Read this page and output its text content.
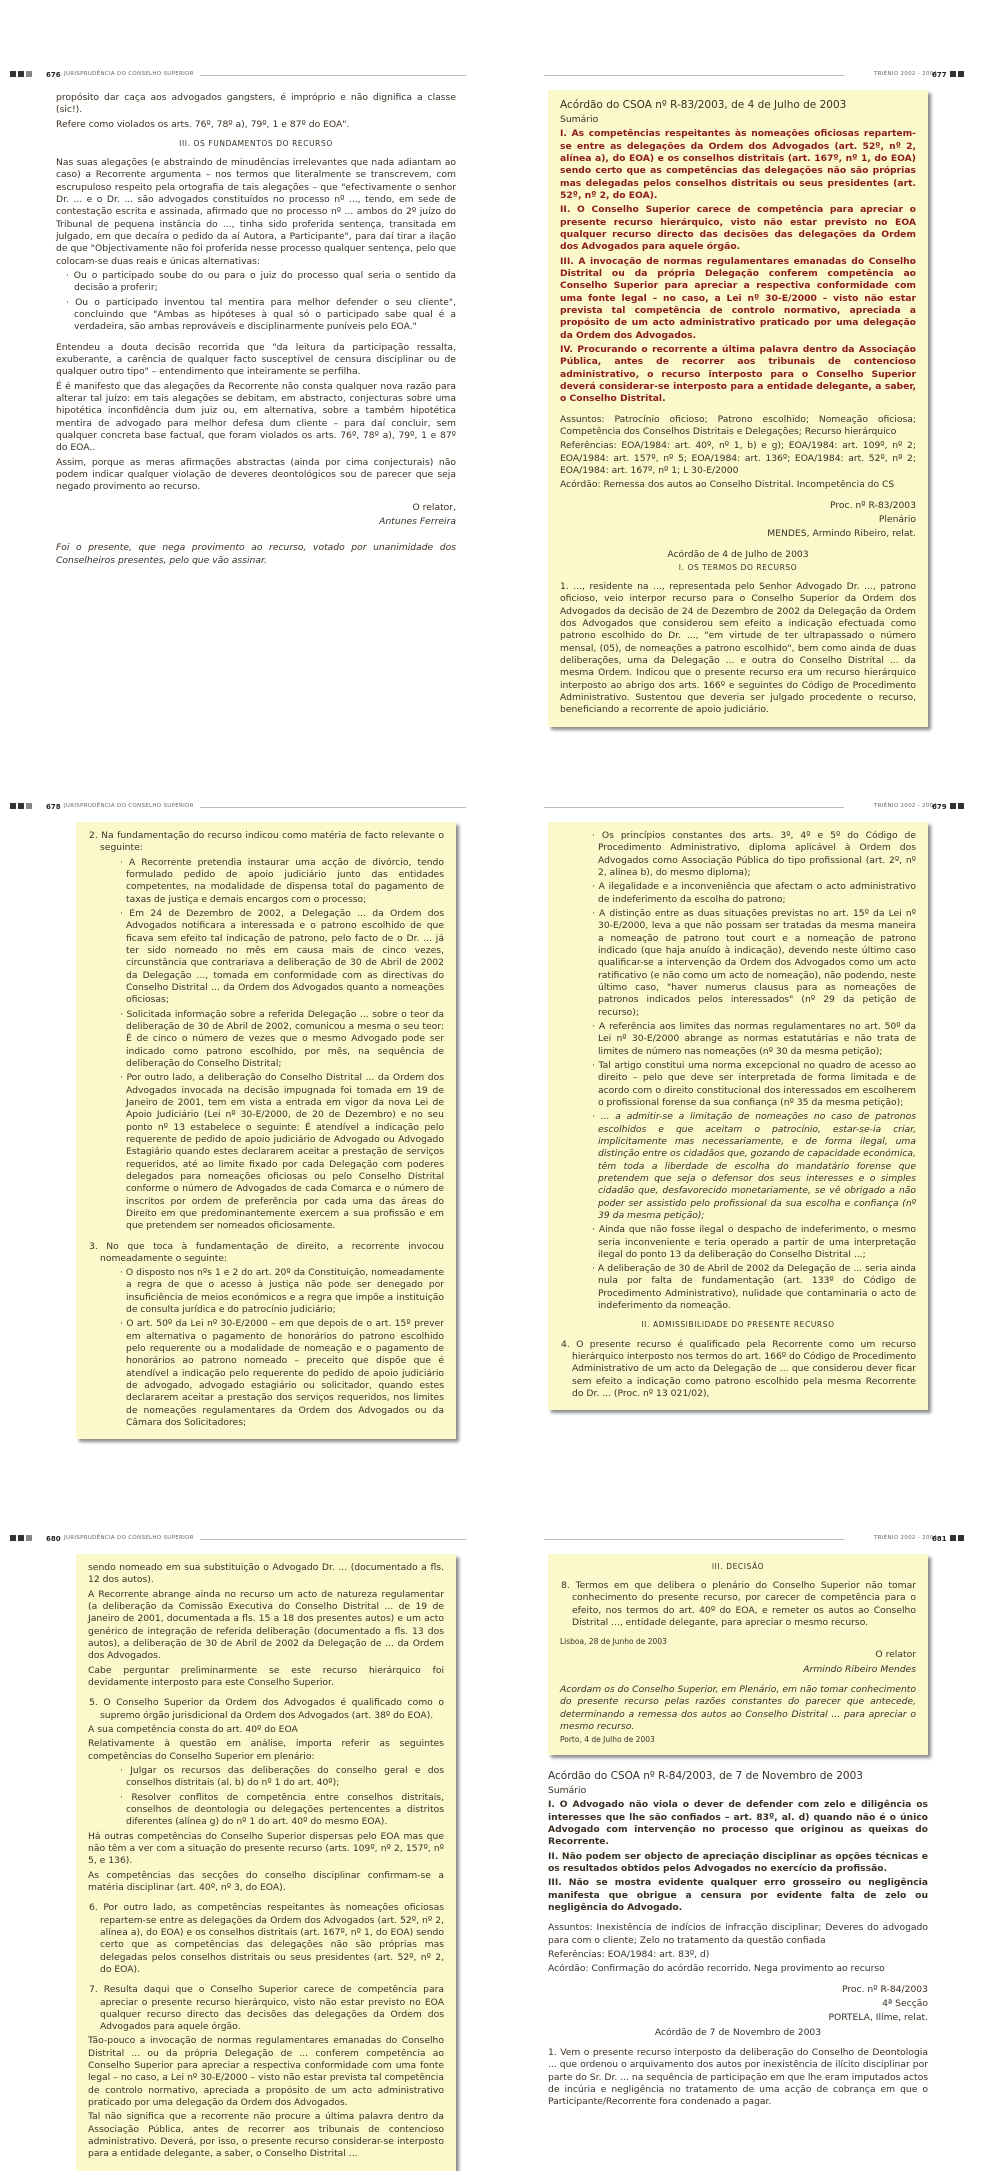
676 JURISPRUDÊNCIA DO CONSELHO SUPERIOR

propósito dar caça aos advogados gangsters, é impróprio e não dignifica a classe (sic!).

Refere como violados os arts. 76º, 78º a), 79º, 1 e 87º do EOA".

III. OS FUNDAMENTOS DO RECURSO

Nas suas alegações (e abstraindo de minudências irrelevantes que nada adiantam ao caso) a Recorrente argumenta – nos termos que literalmente se transcrevem, com escrupuloso respeito pela ortografia de tais alegações – que "efectivamente o senhor Dr. ... e o Dr. ... são advogados constituídos no processo nº ..., tendo, em sede de contestação escrita e assinada, afirmado que no processo nº ... ambos do 2º juízo do Tribunal de pequena instância do ..., tinha sido proferida sentença, transitada em julgado, em que decaíra o pedido da aí Autora, a Participante", para daí tirar a ilação de que "Objectivamente não foi proferida nesse processo qualquer sentença, pelo que colocam-se duas reais e únicas alternativas:

· Ou o participado soube do ou para o juiz do processo qual seria o sentido da decisão a proferir;

· Ou o participado inventou tal mentira para melhor defender o seu cliente", concluindo que "Ambas as hipóteses à qual só o participado sabe qual é a verdadeira, são ambas reprováveis e disciplinarmente puníveis pelo EOA."

Entendeu a douta decisão recorrida que "da leitura da participação ressalta, exuberante, a carência de qualquer facto susceptível de censura disciplinar ou de qualquer outro tipo" – entendimento que inteiramente se perfilha.

É é manifesto que das alegações da Recorrente não consta qualquer nova razão para alterar tal juízo: em tais alegações se debitam, em abstracto, conjecturas sobre uma hipotética inconfidência dum juiz ou, em alternativa, sobre a também hipotética mentira de advogado para melhor defesa dum cliente – para daí concluir, sem qualquer concreta base factual, que foram violados os arts. 76º, 78º a), 79º, 1 e 87º do EOA..

Assim, porque as meras afirmações abstractas (ainda por cima conjecturais) não podem indicar qualquer violação de deveres deontológicos sou de parecer que seja negado provimento ao recurso.

O relator,

Antunes Ferreira

Foi o presente, que nega provimento ao recurso, votado por unanimidade dos Conselheiros presentes, pelo que vão assinar.

TRIÉNIO 2002 - 2004
677

Acórdão do CSOA nº R-83/2003, de 4 de Julho de 2003

Sumário

I. As competências respeitantes às nomeações oficiosas repartem-se entre as delegações da Ordem dos Advogados (art. 52º, nº 2, alínea a), do EOA) e os conselhos distritais (art. 167º, nº 1, do EOA) sendo certo que as competências das delegações não são próprias mas delegadas pelos conselhos distritais ou seus presidentes (art. 52º, nº 2, do EOA).

II. O Conselho Superior carece de competência para apreciar o presente recurso hierárquico, visto não estar previsto no EOA qualquer recurso directo das decisões das delegações da Ordem dos Advogados para aquele órgão.

III. A invocação de normas regulamentares emanadas do Conselho Distrital ou da própria Delegação conferem competência ao Conselho Superior para apreciar a respectiva conformidade com uma fonte legal – no caso, a Lei nº 30-E/2000 – visto não estar prevista tal competência de controlo normativo, apreciada a propósito de um acto administrativo praticado por uma delegação da Ordem dos Advogados.

IV. Procurando o recorrente a última palavra dentro da Associação Pública, antes de recorrer aos tribunais de contencioso administrativo, o recurso interposto para o Conselho Superior deverá considerar-se interposto para a entidade delegante, a saber, o Conselho Distrital.

Assuntos: Patrocínio oficioso; Patrono escolhido; Nomeação oficiosa; Competência dos Conselhos Distritais e Delegações; Recurso hierárquico

Referências: EOA/1984: art. 40º, nº 1, b) e g); EOA/1984: art. 109º, nº 2; EOA/1984: art. 157º, nº 5; EOA/1984: art. 136º; EOA/1984: art. 52º, nº 2; EOA/1984: art. 167º, nº 1; L 30-E/2000

Acórdão: Remessa dos autos ao Conselho Distrital. Incompetência do CS

Proc. nº R-83/2003

Plenário

MENDES, Armindo Ribeiro, relat.

Acórdão de 4 de Julho de 2003

I. OS TERMOS DO RECURSO

1. ..., residente na ..., representada pelo Senhor Advogado Dr. ..., patrono oficioso, veio interpor recurso para o Conselho Superior da Ordem dos Advogados da decisão de 24 de Dezembro de 2002 da Delegação da Ordem dos Advogados que considerou sem efeito a indicação efectuada como patrono escolhido do Dr. ..., "em virtude de ter ultrapassado o número mensal, (05), de nomeações a patrono escolhido", bem como ainda de duas deliberações, uma da Delegação ... e outra do Conselho Distrital ... da mesma Ordem. Indicou que o presente recurso era um recurso hierárquico interposto ao abrigo dos arts. 166º e seguintes do Código de Procedimento Administrativo. Sustentou que deveria ser julgado procedente o recurso, beneficiando a recorrente de apoio judiciário.

678 JURISPRUDÊNCIA DO CONSELHO SUPERIOR

2. Na fundamentação do recurso indicou como matéria de facto relevante o seguinte:

· A Recorrente pretendia instaurar uma acção de divórcio, tendo formulado pedido de apoio judiciário junto das entidades competentes, na modalidade de dispensa total do pagamento de taxas de justiça e demais encargos com o processo;

· Em 24 de Dezembro de 2002, a Delegação ... da Ordem dos Advogados notificara a interessada e o patrono escolhido de que ficava sem efeito tal indicação de patrono, pelo facto de o Dr. ... já ter sido nomeado no mês em causa mais de cinco vezes, circunstância que contrariava a deliberação de 30 de Abril de 2002 da Delegação ..., tomada em conformidade com as directivas do Conselho Distrital ... da Ordem dos Advogados quanto a nomeações oficiosas;

· Solicitada informação sobre a referida Delegação ... sobre o teor da deliberação de 30 de Abril de 2002, comunicou a mesma o seu teor: É de cinco o número de vezes que o mesmo Advogado pode ser indicado como patrono escolhido, por mês, na sequência de deliberação do Conselho Distrital;

· Por outro lado, a deliberação do Conselho Distrital ... da Ordem dos Advogados invocada na decisão impugnada foi tomada em 19 de Janeiro de 2001, tem em vista a entrada em vigor da nova Lei de Apoio Judiciário (Lei nº 30-E/2000, de 20 de Dezembro) e no seu ponto nº 13 estabelece o seguinte: É atendível a indicação pelo requerente de pedido de apoio judiciário de Advogado ou Advogado Estagiário quando estes declararem aceitar a prestação de serviços requeridos, até ao limite fixado por cada Delegação com poderes delegados para nomeações oficiosas ou pelo Conselho Distrital conforme o número de Advogados de cada Comarca e o número de inscritos por ordem de preferência por cada uma das áreas do Direito em que predominantemente exercem a sua profissão e em que pretendem ser nomeados oficiosamente.

3. No que toca à fundamentação de direito, a recorrente invocou nomeadamente o seguinte:

· O disposto nos nºs 1 e 2 do art. 20º da Constituição, nomeadamente a regra de que o acesso à justiça não pode ser denegado por insuficiência de meios económicos e a regra que impõe a instituição de consulta jurídica e do patrocínio judiciário;

· O art. 50º da Lei nº 30-E/2000 – em que depois de o art. 15º prever em alternativa o pagamento de honorários do patrono escolhido pelo requerente ou a modalidade de nomeação e o pagamento de honorários ao patrono nomeado – preceito que dispõe que é atendível a indicação pelo requerente do pedido de apoio judiciário de advogado, advogado estagiário ou solicitador, quando estes declararem aceitar a prestação dos serviços requeridos, nos limites de nomeações regulamentares da Ordem dos Advogados ou da Câmara dos Solicitadores;

TRIÉNIO 2002 - 2004
679

· Os princípios constantes dos arts. 3º, 4º e 5º do Código de Procedimento Administrativo, diploma aplicável à Ordem dos Advogados como Associação Pública do tipo profissional (art. 2º, nº 2, alínea b), do mesmo diploma);

· A ilegalidade e a inconveniência que afectam o acto administrativo de indeferimento da escolha do patrono;

· A distinção entre as duas situações previstas no art. 15º da Lei nº 30-E/2000, leva a que não possam ser tratadas da mesma maneira a nomeação de patrono tout court e a nomeação de patrono indicado (que haja anuído à indicação), devendo neste último caso qualificar-se a intervenção da Ordem dos Advogados como um acto ratificativo (e não como um acto de nomeação), não podendo, neste último caso, "haver numerus clausus para as nomeações de patronos indicados pelos interessados" (nº 29 da petição de recurso);

· A referência aos limites das normas regulamentares no art. 50º da Lei nº 30-E/2000 abrange as normas estatutárias e não trata de limites de número nas nomeações (nº 30 da mesma petição);

· Tal artigo constitui uma norma excepcional no quadro de acesso ao direito – pelo que deve ser interpretada de forma limitada e de acordo com o direito constitucional dos interessados em escolherem o profissional forense da sua confiança (nº 35 da mesma petição);

· ... a admitir-se a limitação de nomeações no caso de patronos escolhidos e que aceitam o patrocínio, estar-se-ia criar, implicitamente mas necessariamente, e de forma ilegal, uma distinção entre os cidadãos que, gozando de capacidade económica, têm toda a liberdade de escolha do mandatário forense que pretendem que seja o defensor dos seus interesses e o simples cidadão que, desfavorecido monetariamente, se vê obrigado a não poder ser assistido pelo profissional da sua escolha e confiança (nº 39 da mesma petição);

· Ainda que não fosse ilegal o despacho de indeferimento, o mesmo seria inconveniente e teria operado a partir de uma interpretação ilegal do ponto 13 da deliberação do Conselho Distrital ...;

· A deliberação de 30 de Abril de 2002 da Delegação de ... seria ainda nula por falta de fundamentação (art. 133º do Código de Procedimento Administrativo), nulidade que contaminaria o acto de indeferimento da nomeação.

II. ADMISSIBILIDADE DO PRESENTE RECURSO

4. O presente recurso é qualificado pela Recorrente como um recurso hierárquico interposto nos termos do art. 166º do Código de Procedimento Administrativo de um acto da Delegação de ... que considerou dever ficar sem efeito a indicação como patrono escolhido pela mesma Recorrente do Dr. ... (Proc. nº 13 021/02),

680 JURISPRUDÊNCIA DO CONSELHO SUPERIOR

sendo nomeado em sua substituição o Advogado Dr. ... (documentado a fls. 12 dos autos).

A Recorrente abrange ainda no recurso um acto de natureza regulamentar (a deliberação da Comissão Executiva do Conselho Distrital ... de 19 de Janeiro de 2001, documentada a fls. 15 a 18 dos presentes autos) e um acto genérico de integração de referida deliberação (documentado a fls. 13 dos autos), a deliberação de 30 de Abril de 2002 da Delegação de ... da Ordem dos Advogados.

Cabe perguntar preliminarmente se este recurso hierárquico foi devidamente interposto para este Conselho Superior.

5. O Conselho Superior da Ordem dos Advogados é qualificado como o supremo órgão jurisdicional da Ordem dos Advogados (art. 38º do EOA).

A sua competência consta do art. 40º do EOA

Relativamente à questão em análise, importa referir as seguintes competências do Conselho Superior em plenário:

· Julgar os recursos das deliberações do conselho geral e dos conselhos distritais (al. b) do nº 1 do art. 40º);

· Resolver conflitos de competência entre conselhos distritais, conselhos de deontologia ou delegações pertencentes a distritos diferentes (alínea g) do nº 1 do art. 40º do mesmo EOA).

Há outras competências do Conselho Superior dispersas pelo EOA mas que não têm a ver com a situação do presente recurso (arts. 109º, nº 2, 157º, nº 5, e 136).

As competências das secções do conselho disciplinar confirmam-se a matéria disciplinar (art. 40º, nº 3, do EOA).

6. Por outro lado, as competências respeitantes às nomeações oficiosas repartem-se entre as delegações da Ordem dos Advogados (art. 52º, nº 2, alínea a), do EOA) e os conselhos distritais (art. 167º, nº 1, do EOA) sendo certo que as competências das delegações não são próprias mas delegadas pelos conselhos distritais ou seus presidentes (art. 52º, nº 2, do EOA).

7. Resulta daqui que o Conselho Superior carece de competência para apreciar o presente recurso hierárquico, visto não estar previsto no EOA qualquer recurso directo das decisões das delegações da Ordem dos Advogados para aquele órgão.

Tão-pouco a invocação de normas regulamentares emanadas do Conselho Distrital ... ou da própria Delegação de ... conferem competência ao Conselho Superior para apreciar a respectiva conformidade com uma fonte legal – no caso, a Lei nº 30-E/2000 – visto não estar prevista tal competência de controlo normativo, apreciada a propósito de um acto administrativo praticado por uma delegação da Ordem dos Advogados.

Tal não significa que a recorrente não procure a última palavra dentro da Associação Pública, antes de recorrer aos tribunais de contencioso administrativo. Deverá, por isso, o presente recurso considerar-se interposto para a entidade delegante, a saber, o Conselho Distrital ...

TRIÉNIO 2002 - 2004
681

III. DECISÃO

8. Termos em que delibera o plenário do Conselho Superior não tomar conhecimento do presente recurso, por carecer de competência para o efeito, nos termos do art. 40º do EOA, e remeter os autos ao Conselho Distrital ..., entidade delegante, para apreciar o mesmo recurso.

Lisboa, 28 de Junho de 2003

O relator

Armindo Ribeiro Mendes

Acordam os do Conselho Superior, em Plenário, em não tomar conhecimento do presente recurso pelas razões constantes do parecer que antecede, determinando a remessa dos autos ao Conselho Distrital ... para apreciar o mesmo recurso.

Porto, 4 de Julho de 2003

Acórdão do CSOA nº R-84/2003, de 7 de Novembro de 2003

Sumário

I. O Advogado não viola o dever de defender com zelo e diligência os interesses que lhe são confiados – art. 83º, al. d) quando não é o único Advogado com intervenção no processo que originou as queixas do Recorrente.

II. Não podem ser objecto de apreciação disciplinar as opções técnicas e os resultados obtidos pelos Advogados no exercício da profissão.

III. Não se mostra evidente qualquer erro grosseiro ou negligência manifesta que obrigue a censura por evidente falta de zelo ou negligência do Advogado.

Assuntos: Inexistência de indícios de infracção disciplinar; Deveres do advogado para com o cliente; Zelo no tratamento da questão confiada

Referências: EOA/1984: art. 83º, d)

Acórdão: Confirmação do acórdão recorrido. Nega provimento ao recurso

Proc. nº R-84/2003

4ª Secção

PORTELA, Ilíme, relat.

Acórdão de 7 de Novembro de 2003

1. Vem o presente recurso interposto da deliberação do Conselho de Deontologia ... que ordenou o arquivamento dos autos por inexistência de ilícito disciplinar por parte do Sr. Dr. ... na sequência de participação em que lhe eram imputados actos de incúria e negligência no tratamento de uma acção de cobrança em que o Participante/Recorrente fora condenado a pagar.
